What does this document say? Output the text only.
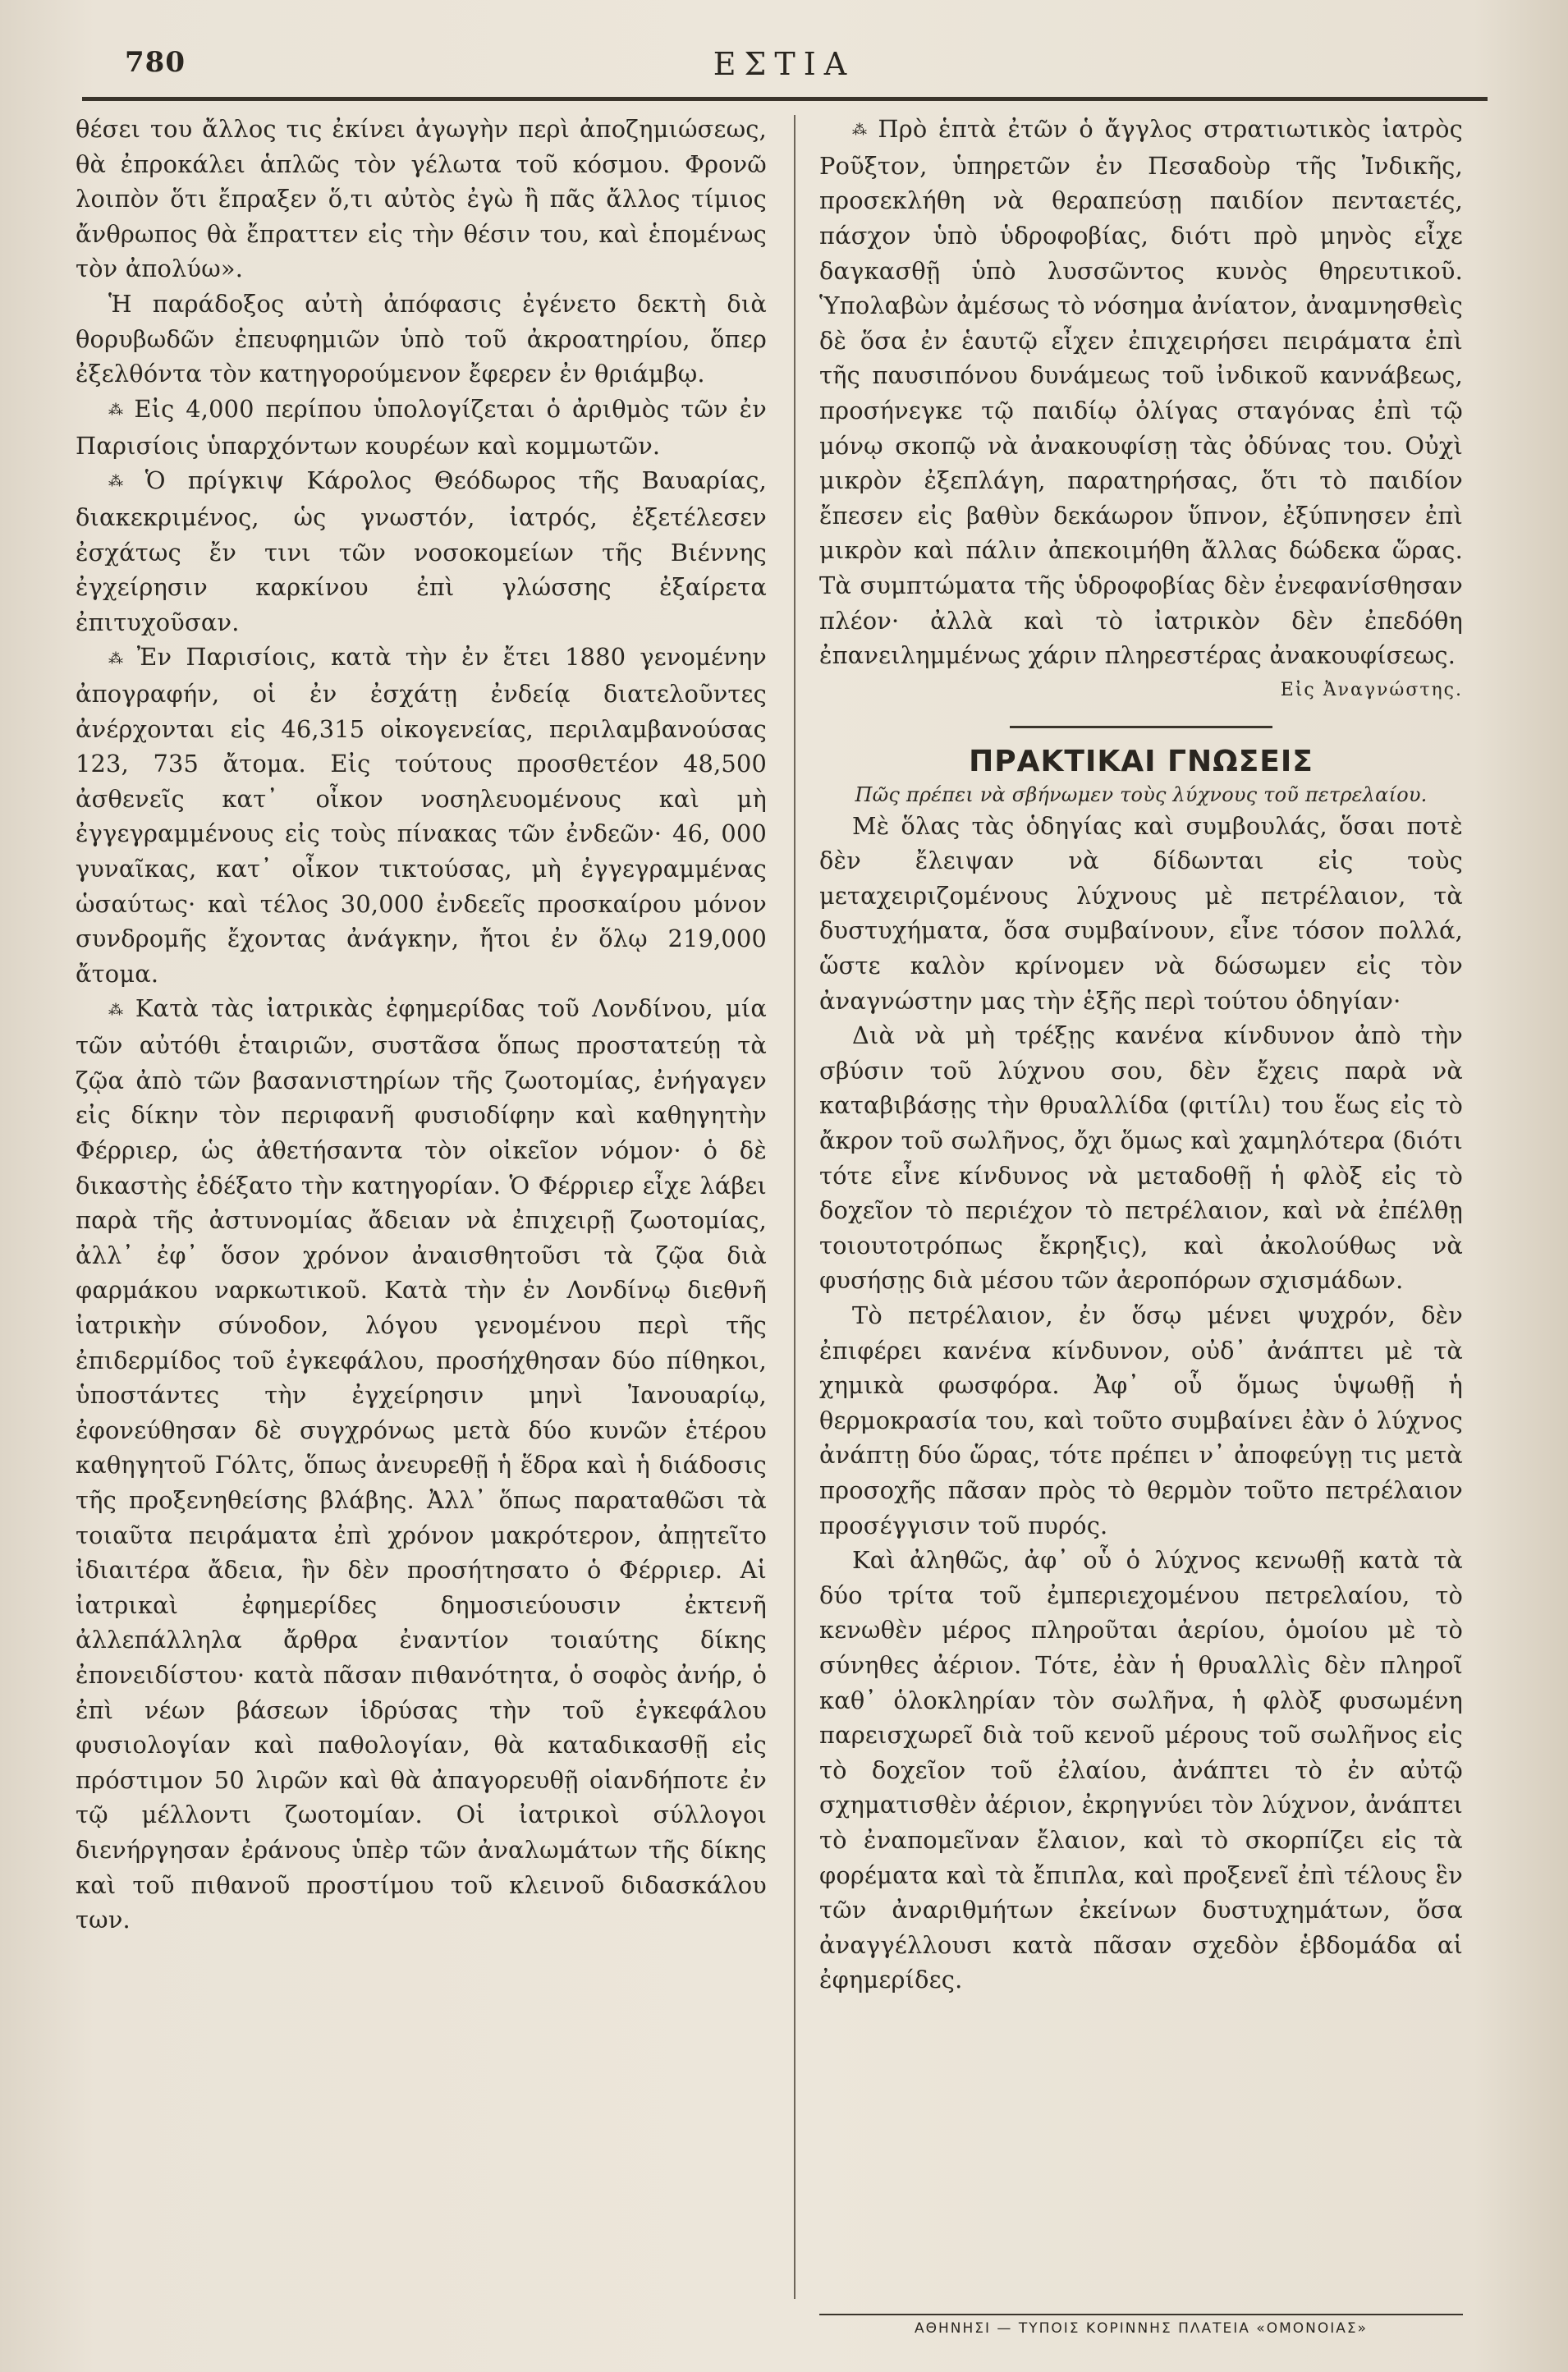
780	ΕΣΤΙΑ

θέσει του ἄλλος τις ἐκίνει ἀγωγὴν περὶ ἀποζημιώσεως, θὰ ἐπροκάλει ἁπλῶς τὸν γέλωτα τοῦ κόσμου. Φρονῶ λοιπὸν ὅτι ἔπραξεν ὅ,τι αὐτὸς ἐγὼ ἢ πᾶς ἄλλος τίμιος ἄνθρωπος θὰ ἔπραττεν εἰς τὴν θέσιν του, καὶ ἑπομένως τὸν ἀπολύω».

Ἡ παράδοξος αὐτὴ ἀπόφασις ἐγένετο δεκτὴ διὰ θορυβωδῶν ἐπευφημιῶν ὑπὸ τοῦ ἀκροατηρίου, ὅπερ ἐξελθόντα τὸν κατηγορούμενον ἔφερεν ἐν θριάμβῳ.

⁂ Εἰς 4,000 περίπου ὑπολογίζεται ὁ ἀριθμὸς τῶν ἐν Παρισίοις ὑπαρχόντων κουρέων καὶ κομμωτῶν.

⁂ Ὁ πρίγκιψ Κάρολος Θεόδωρος τῆς Βαυαρίας, διακεκριμένος, ὡς γνωστόν, ἰατρός, ἐξετέλεσεν ἐσχάτως ἔν τινι τῶν νοσοκομείων τῆς Βιέννης ἐγχείρησιν καρκίνου ἐπὶ γλώσσης ἐξαίρετα ἐπιτυχοῦσαν.

⁂ Ἐν Παρισίοις, κατὰ τὴν ἐν ἔτει 1880 γενομένην ἀπογραφήν, οἱ ἐν ἐσχάτῃ ἐνδείᾳ διατελοῦντες ἀνέρχονται εἰς 46,315 οἰκογενείας, περιλαμβανούσας 123, 735 ἄτομα. Εἰς τούτους προσθετέον 48,500 ἀσθενεῖς κατ᾽ οἶκον νοσηλευομένους καὶ μὴ ἐγγεγραμμένους εἰς τοὺς πίνακας τῶν ἐνδεῶν· 46, 000 γυναῖκας, κατ᾽ οἶκον τικτούσας, μὴ ἐγγεγραμμένας ὡσαύτως· καὶ τέλος 30,000 ἐνδεεῖς προσκαίρου μόνον συνδρομῆς ἔχοντας ἀνάγκην, ἤτοι ἐν ὅλῳ 219,000 ἄτομα.

⁂ Κατὰ τὰς ἰατρικὰς ἐφημερίδας τοῦ Λονδίνου, μία τῶν αὐτόθι ἑταιριῶν, συστᾶσα ὅπως προστατεύῃ τὰ ζῷα ἀπὸ τῶν βασανιστηρίων τῆς ζωοτομίας, ἐνήγαγεν εἰς δίκην τὸν περιφανῆ φυσιοδίφην καὶ καθηγητὴν Φέρριερ, ὡς ἀθετήσαντα τὸν οἰκεῖον νόμον· ὁ δὲ δικαστὴς ἐδέξατο τὴν κατηγορίαν. Ὁ Φέρριερ εἶχε λάβει παρὰ τῆς ἀστυνομίας ἄδειαν νὰ ἐπιχειρῇ ζωοτομίας, ἀλλ᾽ ἐφ᾽ ὅσον χρόνον ἀναισθητοῦσι τὰ ζῷα διὰ φαρμάκου ναρκωτικοῦ. Κατὰ τὴν ἐν Λονδίνῳ διεθνῆ ἰατρικὴν σύνοδον, λόγου γενομένου περὶ τῆς ἐπιδερμίδος τοῦ ἐγκεφάλου, προσήχθησαν δύο πίθηκοι, ὑποστάντες τὴν ἐγχείρησιν μηνὶ Ἰανουαρίῳ, ἐφονεύθησαν δὲ συγχρόνως μετὰ δύο κυνῶν ἑτέρου καθηγητοῦ Γόλτς, ὅπως ἀνευρεθῇ ἡ ἕδρα καὶ ἡ διάδοσις τῆς προξενηθείσης βλάβης. Ἀλλ᾽ ὅπως παραταθῶσι τὰ τοιαῦτα πειράματα ἐπὶ χρόνον μακρότερον, ἀπῃτεῖτο ἰδιαιτέρα ἄδεια, ἣν δὲν προσήτησατο ὁ Φέρριερ. Αἱ ἰατρικαὶ ἐφημερίδες δημοσιεύουσιν ἐκτενῆ ἀλλεπάλληλα ἄρθρα ἐναντίον τοιαύτης δίκης ἐπονειδίστου· κατὰ πᾶσαν πιθανότητα, ὁ σοφὸς ἀνήρ, ὁ ἐπὶ νέων βάσεων ἱδρύσας τὴν τοῦ ἐγκεφάλου φυσιολογίαν καὶ παθολογίαν, θὰ καταδικασθῇ εἰς πρόστιμον 50 λιρῶν καὶ θὰ ἀπαγορευθῇ οἱανδήποτε ἐν τῷ μέλλοντι ζωοτομίαν. Οἱ ἰατρικοὶ σύλλογοι διενήργησαν ἐράνους ὑπὲρ τῶν ἀναλωμάτων τῆς δίκης καὶ τοῦ πιθανοῦ προστίμου τοῦ κλεινοῦ διδασκάλου των.

⁂ Πρὸ ἑπτὰ ἐτῶν ὁ ἄγγλος στρατιωτικὸς ἰατρὸς Ροῦξτον, ὑπηρετῶν ἐν Πεσαδοὺρ τῆς Ἰνδικῆς, προσεκλήθη νὰ θεραπεύσῃ παιδίον πενταετές, πάσχον ὑπὸ ὑδροφοβίας, διότι πρὸ μηνὸς εἶχε δαγκασθῇ ὑπὸ λυσσῶντος κυνὸς θηρευτικοῦ. Ὑπολαβὼν ἀμέσως τὸ νόσημα ἀνίατον, ἀναμνησθεὶς δὲ ὅσα ἐν ἑαυτῷ εἶχεν ἐπιχειρήσει πειράματα ἐπὶ τῆς παυσιπόνου δυνάμεως τοῦ ἰνδικοῦ καννάβεως, προσήνεγκε τῷ παιδίῳ ὀλίγας σταγόνας ἐπὶ τῷ μόνῳ σκοπῷ νὰ ἀνακουφίσῃ τὰς ὀδύνας του. Οὐχὶ μικρὸν ἐξεπλάγη, παρατηρήσας, ὅτι τὸ παιδίον ἔπεσεν εἰς βαθὺν δεκάωρον ὕπνον, ἐξύπνησεν ἐπὶ μικρὸν καὶ πάλιν ἀπεκοιμήθη ἄλλας δώδεκα ὥρας. Τὰ συμπτώματα τῆς ὑδροφοβίας δὲν ἐνεφανίσθησαν πλέον· ἀλλὰ καὶ τὸ ἰατρικὸν δὲν ἐπεδόθη ἐπανειλημμένως χάριν πληρεστέρας ἀνακουφίσεως.

Εἰς Ἀναγνώστης.

ΠΡΑΚΤΙΚΑΙ ΓΝΩΣΕΙΣ

Πῶς πρέπει νὰ σβήνωμεν τοὺς λύχνους τοῦ πετρελαίου.

Μὲ ὅλας τὰς ὁδηγίας καὶ συμβουλάς, ὅσαι ποτὲ δὲν ἔλειψαν νὰ δίδωνται εἰς τοὺς μεταχειριζομένους λύχνους μὲ πετρέλαιον, τὰ δυστυχήματα, ὅσα συμβαίνουν, εἶνε τόσον πολλά, ὥστε καλὸν κρίνομεν νὰ δώσωμεν εἰς τὸν ἀναγνώστην μας τὴν ἑξῆς περὶ τούτου ὁδηγίαν·

Διὰ νὰ μὴ τρέξῃς κανένα κίνδυνον ἀπὸ τὴν σβύσιν τοῦ λύχνου σου, δὲν ἔχεις παρὰ νὰ καταβιβάσῃς τὴν θρυαλλίδα (φιτίλι) του ἕως εἰς τὸ ἄκρον τοῦ σωλῆνος, ὄχι ὅμως καὶ χαμηλότερα (διότι τότε εἶνε κίνδυνος νὰ μεταδοθῇ ἡ φλὸξ εἰς τὸ δοχεῖον τὸ περιέχον τὸ πετρέλαιον, καὶ νὰ ἐπέλθῃ τοιουτοτρόπως ἔκρηξις), καὶ ἀκολούθως νὰ φυσήσῃς διὰ μέσου τῶν ἀεροπόρων σχισμάδων.

Τὸ πετρέλαιον, ἐν ὅσῳ μένει ψυχρόν, δὲν ἐπιφέρει κανένα κίνδυνον, οὐδ᾽ ἀνάπτει μὲ τὰ χημικὰ φωσφόρα. Ἀφ᾽ οὗ ὅμως ὑψωθῇ ἡ θερμοκρασία του, καὶ τοῦτο συμβαίνει ἐὰν ὁ λύχνος ἀνάπτῃ δύο ὥρας, τότε πρέπει ν᾽ ἀποφεύγῃ τις μετὰ προσοχῆς πᾶσαν πρὸς τὸ θερμὸν τοῦτο πετρέλαιον προσέγγισιν τοῦ πυρός.

Καὶ ἀληθῶς, ἀφ᾽ οὗ ὁ λύχνος κενωθῇ κατὰ τὰ δύο τρίτα τοῦ ἐμπεριεχομένου πετρελαίου, τὸ κενωθὲν μέρος πληροῦται ἀερίου, ὁμοίου μὲ τὸ σύνηθες ἀέριον. Τότε, ἐὰν ἡ θρυαλλὶς δὲν πληροῖ καθ᾽ ὁλοκληρίαν τὸν σωλῆνα, ἡ φλὸξ φυσωμένη παρεισχωρεῖ διὰ τοῦ κενοῦ μέρους τοῦ σωλῆνος εἰς τὸ δοχεῖον τοῦ ἐλαίου, ἀνάπτει τὸ ἐν αὐτῷ σχηματισθὲν ἀέριον, ἐκρηγνύει τὸν λύχνον, ἀνάπτει τὸ ἐναπομεῖναν ἔλαιον, καὶ τὸ σκορπίζει εἰς τὰ φορέματα καὶ τὰ ἔπιπλα, καὶ προξενεῖ ἐπὶ τέλους ἓν τῶν ἀναριθμήτων ἐκείνων δυστυχημάτων, ὅσα ἀναγγέλλουσι κατὰ πᾶσαν σχεδὸν ἑβδομάδα αἱ ἐφημερίδες.

ΑΘΗΝΗΣΙ — ΤΥΠΟΙΣ ΚΟΡΙΝΝΗΣ ΠΛΑΤΕΙΑ «ΟΜΟΝΟΙΑΣ»
